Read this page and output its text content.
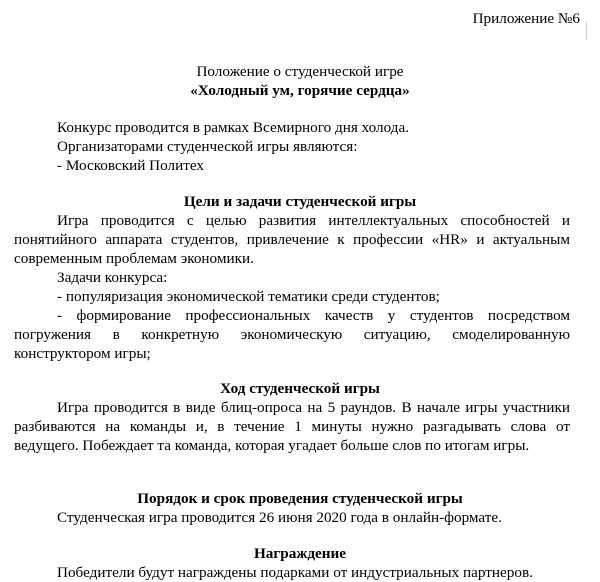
Приложение №6
Положение о студенческой игре
«Холодный ум, горячие сердца»
Конкурс проводится в рамках Всемирного дня холода.
Организаторами студенческой игры являются:
- Московский Политех
Цели и задачи студенческой игры
Игра проводится с целью развития интеллектуальных способностей и понятийного аппарата студентов, привлечение к профессии «HR» и актуальным современным проблемам экономики.
Задачи конкурса:
- популяризация экономической тематики среди студентов;
- формирование профессиональных качеств у студентов посредством погружения в конкретную экономическую ситуацию, смоделированную конструктором игры;
Ход студенческой игры
Игра проводится в виде блиц-опроса на 5 раундов. В начале игры участники разбиваются на команды и, в течение 1 минуты нужно разгадывать слова от ведущего. Побеждает та команда, которая угадает больше слов по итогам игры.
Порядок и срок проведения студенческой игры
Студенческая игра проводится 26 июня 2020 года в онлайн-формате.
Награждение
Победители будут награждены подарками от индустриальных партнеров.
